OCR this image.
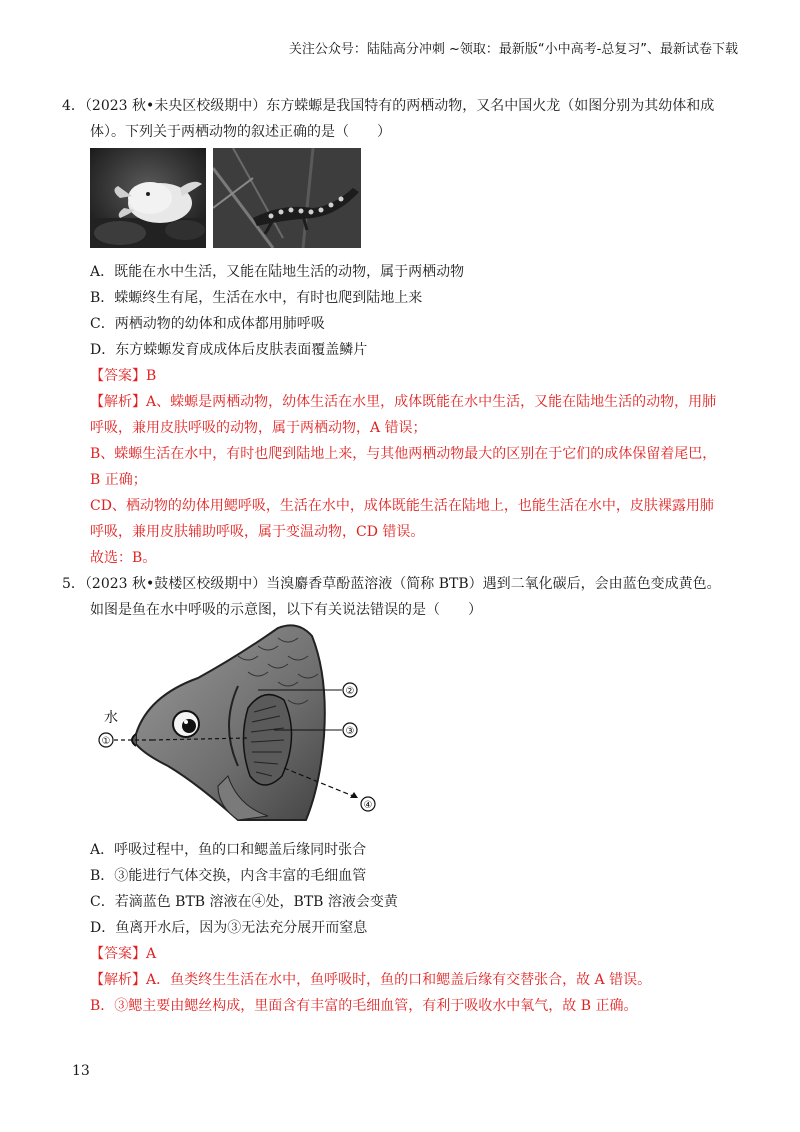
关注公众号：陆陆高分冲刺 ~领取：最新版“小中高考-总复习”、最新试卷下载
4．（2023 秋•未央区校级期中）东方蝾螈是我国特有的两栖动物，又名中国火龙（如图分别为其幼体和成
体）。下列关于两栖动物的叙述正确的是（　　）
A．既能在水中生活，又能在陆地生活的动物，属于两栖动物
B．蝾螈终生有尾，生活在水中，有时也爬到陆地上来
C．两栖动物的幼体和成体都用肺呼吸
D．东方蝾螈发育成成体后皮肤表面覆盖鳞片
【答案】B
【解析】A、蝾螈是两栖动物，幼体生活在水里，成体既能在水中生活，又能在陆地生活的动物，用肺
呼吸，兼用皮肤呼吸的动物，属于两栖动物，A 错误；
B、蝾螈生活在水中，有时也爬到陆地上来，与其他两栖动物最大的区别在于它们的成体保留着尾巴，
B 正确；
CD、栖动物的幼体用鳃呼吸，生活在水中，成体既能生活在陆地上，也能生活在水中，皮肤裸露用肺
呼吸，兼用皮肤辅助呼吸，属于变温动物，CD 错误。
故选：B。
5．（2023 秋•鼓楼区校级期中）当溴麝香草酚蓝溶液（简称 BTB）遇到二氧化碳后，会由蓝色变成黄色。
如图是鱼在水中呼吸的示意图，以下有关说法错误的是（　　）
水
①
②
③
④
A．呼吸过程中，鱼的口和鳃盖后缘同时张合
B．③能进行气体交换，内含丰富的毛细血管
C．若滴蓝色 BTB 溶液在④处，BTB 溶液会变黄
D．鱼离开水后，因为③无法充分展开而窒息
【答案】A
【解析】A．鱼类终生生活在水中，鱼呼吸时，鱼的口和鳃盖后缘有交替张合，故 A 错误。
B．③鳃主要由鳃丝构成，里面含有丰富的毛细血管，有利于吸收水中氧气，故 B 正确。
13
